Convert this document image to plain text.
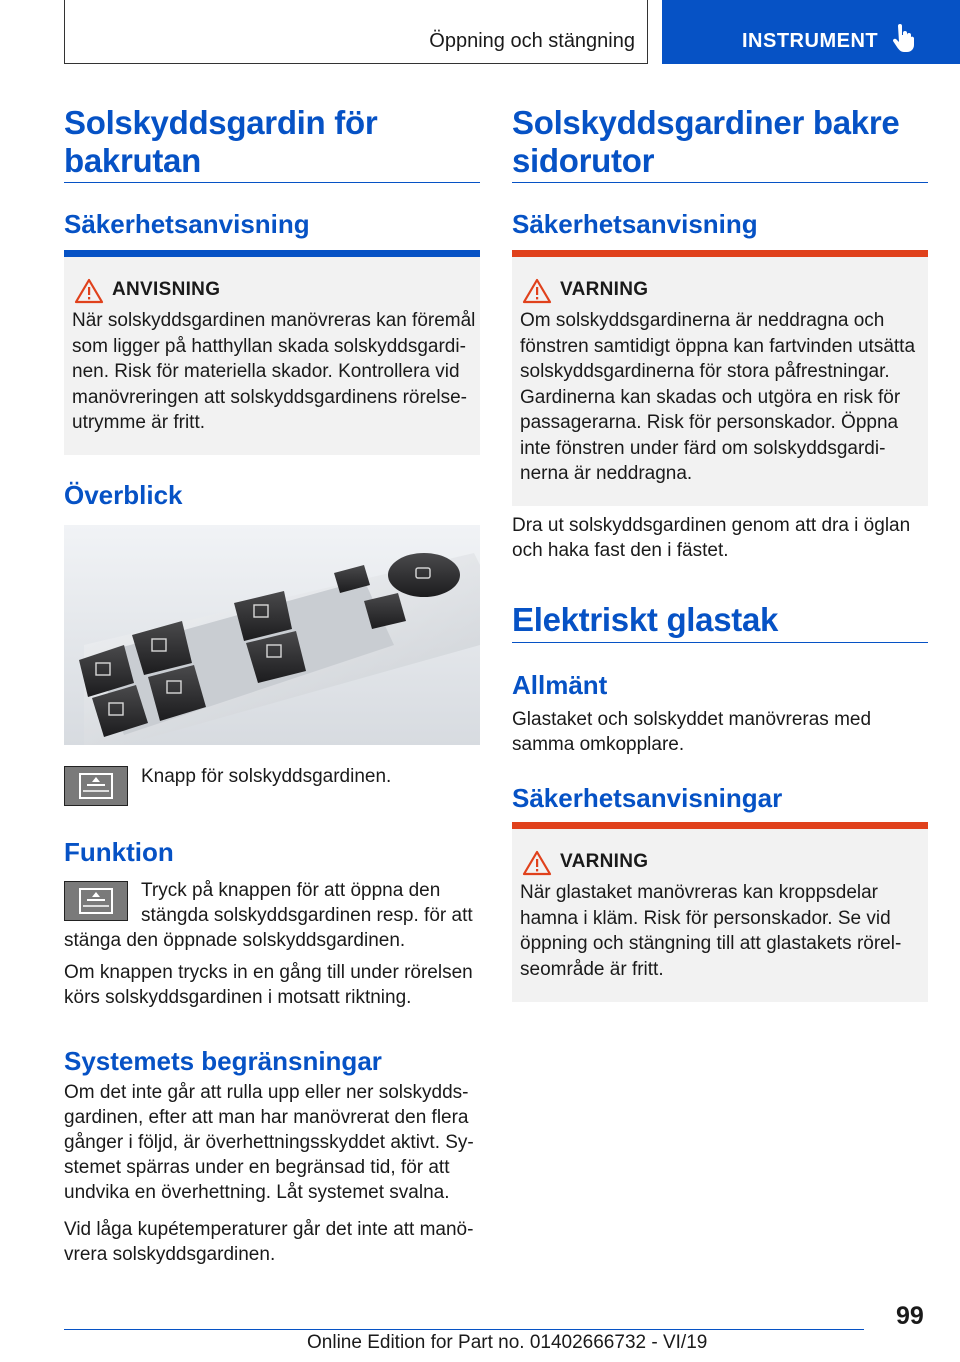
Öppning och stängning	INSTRUMENT
Solskyddsgardin för
bakrutan
Säkerhetsanvisning
ANVISNING
När solskyddsgardinen manövreras kan föremål
som ligger på hatthyllan skada solskyddsgardi-
nen. Risk för materiella skador. Kontrollera vid
manövreringen att solskyddsgardinens rörelse-
utrymme är fritt.
Överblick

Knapp för solskyddsgardinen.

Funktion

Tryck på knappen för att öppna den

stängda solskyddsgardinen resp. för att

stänga den öppnade solskyddsgardinen.

Om knappen trycks in en gång till under rörelsen

körs solskyddsgardinen i motsatt riktning.

Systemets begränsningar

Om det inte går att rulla upp eller ner solskydds-

gardinen, efter att man har manövrerat den flera

gånger i följd, är överhettningsskyddet aktivt. Sy-

stemet spärras under en begränsad tid, för att

undvika en överhettning. Låt systemet svalna.

Vid låga kupétemperaturer går det inte att manö-

vrera solskyddsgardinen.

Solskyddsgardiner bakre
sidorutor
Säkerhetsanvisning
VARNING
Om solskyddsgardinerna är neddragna och
fönstren samtidigt öppna kan fartvinden utsätta
solskyddsgardinerna för stora påfrestningar.
Gardinerna kan skadas och utgöra en risk för
passagerarna. Risk för personskador. Öppna
inte fönstren under färd om solskyddsgardi-
nerna är neddragna.

Dra ut solskyddsgardinen genom att dra i öglan

och haka fast den i fästet.

Elektriskt glastak
Allmänt

Glastaket och solskyddet manövreras med

samma omkopplare.

Säkerhetsanvisningar
VARNING
När glastaket manövreras kan kroppsdelar
hamna i kläm. Risk för personskador. Se vid
öppning och stängning till att glastakets rörel-
seområde är fritt.
99
Online Edition for Part no. 01402666732 - VI/19
